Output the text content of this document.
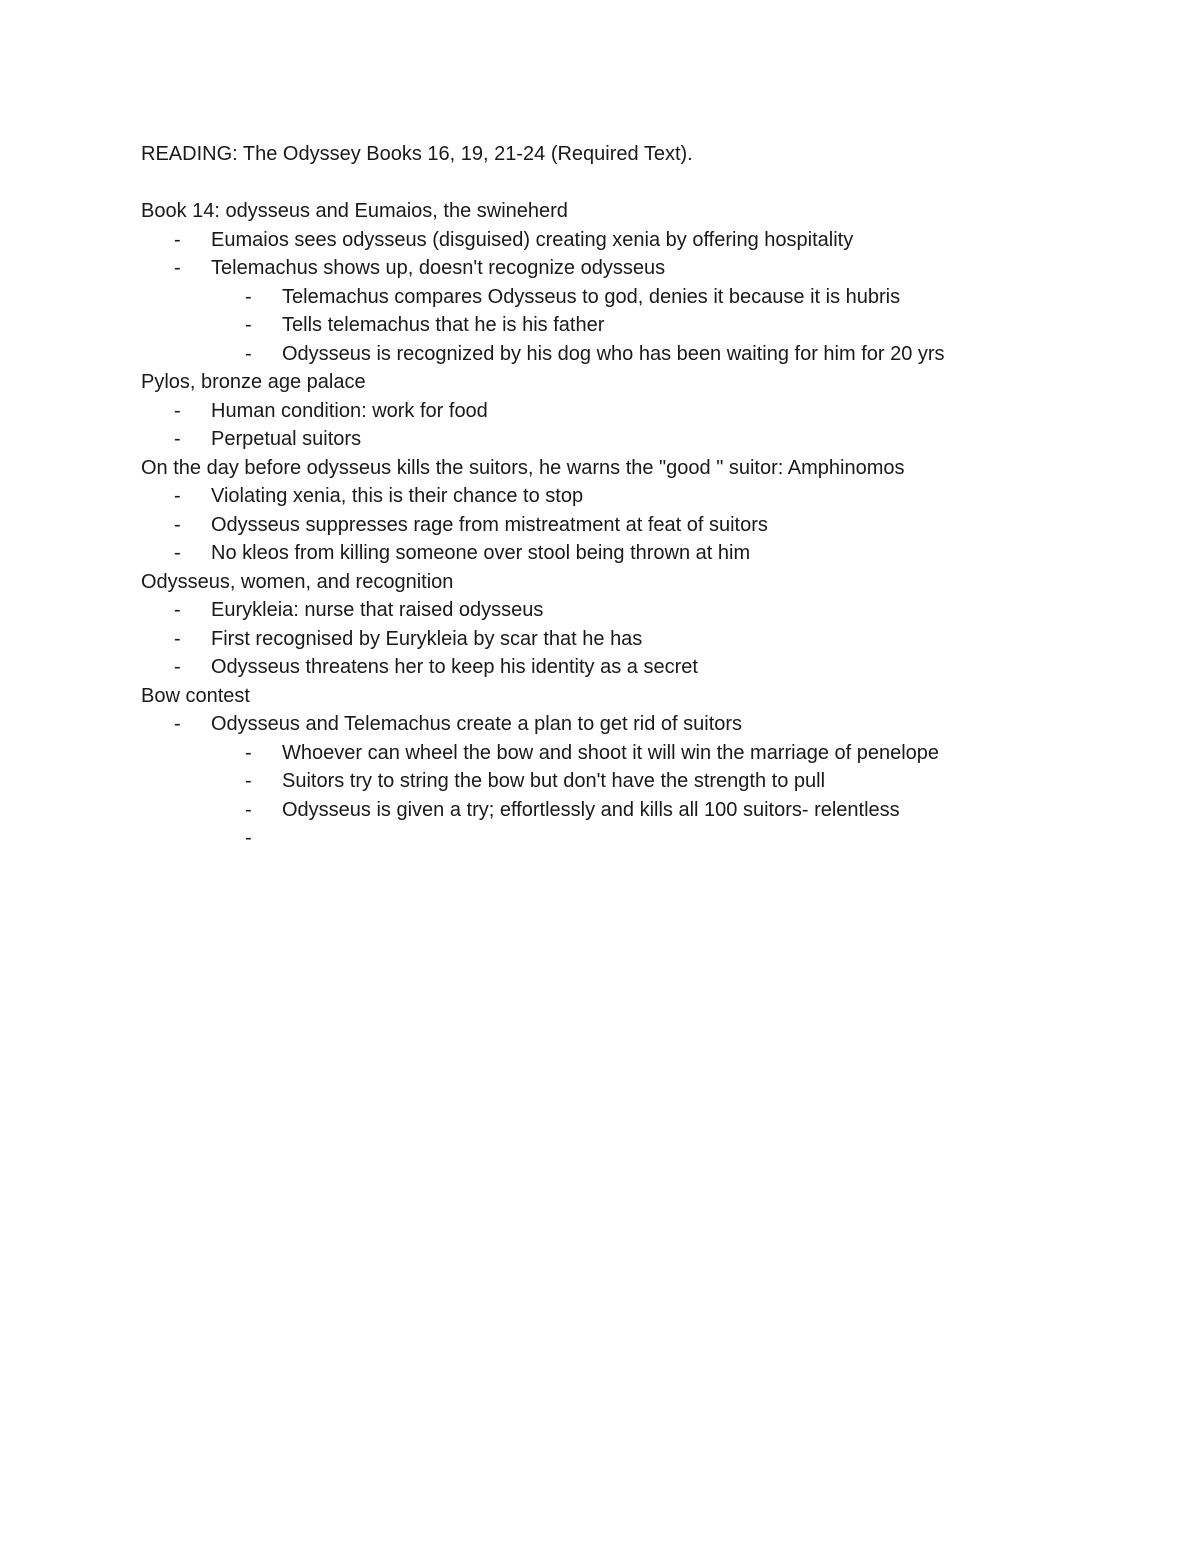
READING: The Odyssey Books 16, 19, 21-24 (Required Text).
Book 14: odysseus and Eumaios, the swineherd
-	Eumaios sees odysseus (disguised) creating xenia by offering hospitality
-	Telemachus shows up, doesn't recognize odysseus
-	Telemachus compares Odysseus to god, denies it because it is hubris
-	Tells telemachus that he is his father
-	Odysseus is recognized by his dog who has been waiting for him for 20 yrs
Pylos, bronze age palace
-	Human condition: work for food
-	Perpetual suitors
On the day before odysseus kills the suitors, he warns the "good " suitor: Amphinomos
-	Violating xenia, this is their chance to stop
-	Odysseus suppresses rage from mistreatment at feat of suitors
-	No kleos from killing someone over stool being thrown at him
Odysseus, women, and recognition
-	Eurykleia: nurse that raised odysseus
-	First recognised by Eurykleia by scar that he has
-	Odysseus threatens her to keep his identity as a secret
Bow contest
-	Odysseus and Telemachus create a plan to get rid of suitors
-	Whoever can wheel the bow and shoot it will win the marriage of penelope
-	Suitors try to string the bow but don't have the strength to pull
-	Odysseus is given a try; effortlessly and kills all 100 suitors- relentless
-
